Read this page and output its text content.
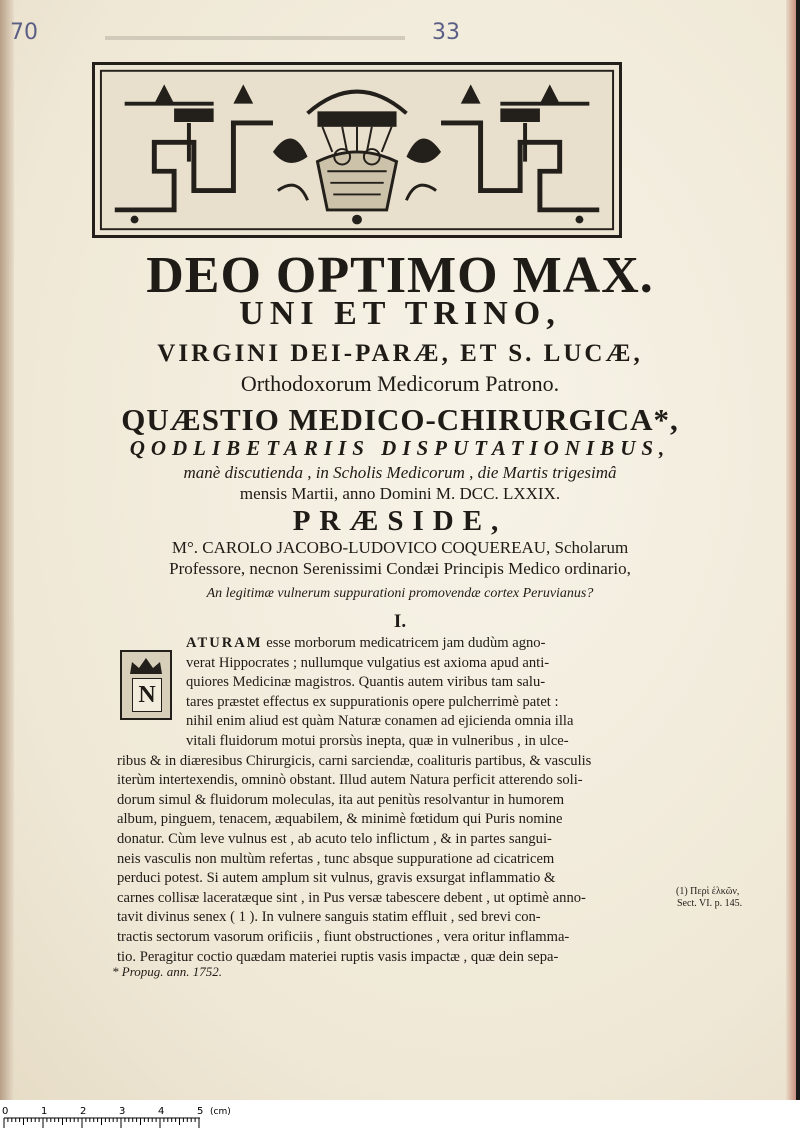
70	33
DEO OPTIMO MAX.
UNI ET TRINO,
VIRGINI DEI-PARÆ, ET S. LUCÆ,
Orthodoxorum Medicorum Patrono.
QUÆSTIO MEDICO-CHIRURGICA*,
QODLIBETARIIS DISPUTATIONIBUS,
manè discutienda , in Scholis Medicorum , die Martis trigesimâ
mensis Martii, anno Domini M. DCC. LXXIX.
PRÆSIDE,
M°. CAROLO JACOBO-LUDOVICO COQUEREAU, Scholarum
Professore, necnon Serenissimi Condæi Principis Medico ordinario,
An legitimæ vulnerum suppurationi promovendæ cortex Peruvianus?
I.
N
ATURAM esse morborum medicatricem jam dudùm agno-
verat Hippocrates ; nullumque vulgatius est axioma apud anti-
quiores Medicinæ magistros. Quantis autem viribus tam salu-
tares præstet effectus ex suppurationis opere pulcherrimè patet :
nihil enim aliud est quàm Naturæ conamen ad ejicienda omnia illa
vitali fluidorum motui prorsùs inepta, quæ in vulneribus , in ulce-
ribus & in diæresibus Chirurgicis, carni sarciendæ, coalituris partibus, & vasculis
iterùm intertexendis, omninò obstant. Illud autem Natura perficit atterendo soli-
dorum simul & fluidorum moleculas, ita aut penitùs resolvantur in humorem
album, pinguem, tenacem, æquabilem, & minimè fœtidum qui Puris nomine
donatur. Cùm leve vulnus est , ab acuto telo inflictum , & in partes sangui-
neis vasculis non multùm refertas , tunc absque suppuratione ad cicatricem
perduci potest. Si autem amplum sit vulnus, gravis exsurgat inflammatio &
carnes collisæ laceratæque sint , in Pus versæ tabescere debent , ut optimè anno-
tavit divinus senex ( 1 ). In vulnere sanguis statim effluit , sed brevi con-
tractis sectorum vasorum orificiis , fiunt obstructiones , vera oritur inflamma-
tio. Peragitur coctio quædam materiei ruptis vasis impactæ , quæ dein sepa-
(1) Περὶ ἑλκῶν,
Sect. VI. p. 145.
* Propug. ann. 1752.
0	1	2	3	4	5 (cm)
